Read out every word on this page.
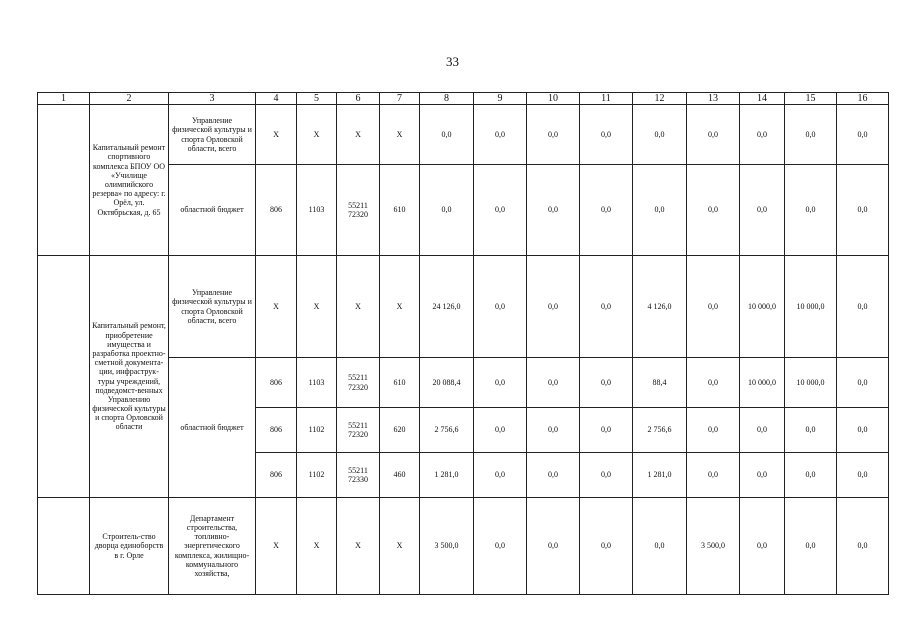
33
1	2	3	4	5	6	7	8	9	10	11	12	13	14	15	16
	Капитальный ремонт спортивного комплекса БПОУ ОО «Училище олимпийского резерва» по адресу: г. Орёл, ул. Октябрьская, д. 65	Управление физической культуры и спорта Орловской области, всего	X	X	X	X	0,0	0,0	0,0	0,0	0,0	0,0	0,0	0,0	0,0
		областной бюджет	806	1103	55211 72320	610	0,0	0,0	0,0	0,0	0,0	0,0	0,0	0,0	0,0
	Капитальный ремонт, приобретение имущества и разработка проектно-сметной документа-ции, инфраструк-туры учреждений, подведомст-венных Управлению физической культуры и спорта Орловской области	Управление физической культуры и спорта Орловской области, всего	X	X	X	X	24 126,0	0,0	0,0	0,0	4 126,0	0,0	10 000,0	10 000,0	0,0
		областной бюджет	806	1103	55211 72320	610	20 088,4	0,0	0,0	0,0	88,4	0,0	10 000,0	10 000,0	0,0
			806	1102	55211 72320	620	2 756,6	0,0	0,0	0,0	2 756,6	0,0	0,0	0,0	0,0
			806	1102	55211 72330	460	1 281,0	0,0	0,0	0,0	1 281,0	0,0	0,0	0,0	0,0
	Строитель-ство дворца единоборств в г. Орле	Департамент строительства, топливно-энергетического комплекса, жилищно-коммунального хозяйства,	X	X	X	X	3 500,0	0,0	0,0	0,0	0,0	3 500,0	0,0	0,0	0,0
